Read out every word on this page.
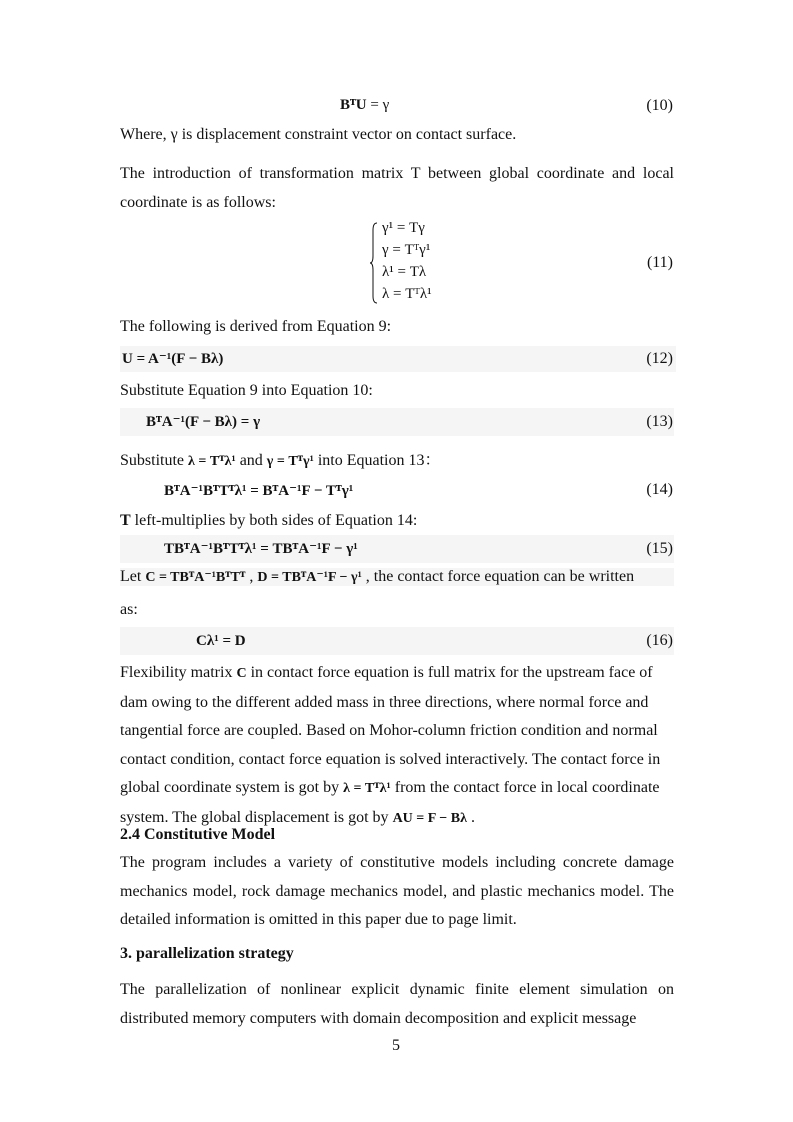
BᵀU = γ	(10)
Where, γ is displacement constraint vector on contact surface.
The introduction of transformation matrix T between global coordinate and local coordinate is as follows:
γ¹ = Tγ
γ = Tᵀγ¹
λ¹ = Tλ
λ = Tᵀλ¹
(11)
The following is derived from Equation 9:
U = A⁻¹(F − Bλ)	(12)
Substitute Equation 9 into Equation 10:
BᵀA⁻¹(F − Bλ) = γ	(13)
Substitute λ = Tᵀλ¹ and γ = Tᵀγ¹ into Equation 13：
BᵀA⁻¹BᵀTᵀλ¹ = BᵀA⁻¹F − Tᵀγ¹	(14)
T left-multiplies by both sides of Equation 14:
TBᵀA⁻¹BᵀTᵀλ¹ = TBᵀA⁻¹F − γ¹	(15)
Let C = TBᵀA⁻¹BᵀTᵀ , D = TBᵀA⁻¹F − γ¹ , the contact force equation can be written
as:
Cλ¹ = D	(16)
Flexibility matrix C in contact force equation is full matrix for the upstream face of
dam owing to the different added mass in three directions, where normal force and
tangential force are coupled. Based on Mohor-column friction condition and normal
contact condition, contact force equation is solved interactively. The contact force in
global coordinate system is got by λ = Tᵀλ¹ from the contact force in local coordinate
system. The global displacement is got by AU = F − Bλ .
2.4 Constitutive Model
The program includes a variety of constitutive models including concrete damage mechanics model, rock damage mechanics model, and plastic mechanics model. The detailed information is omitted in this paper due to page limit.
3. parallelization strategy
The parallelization of nonlinear explicit dynamic finite element simulation on distributed memory computers with domain decomposition and explicit message
5
